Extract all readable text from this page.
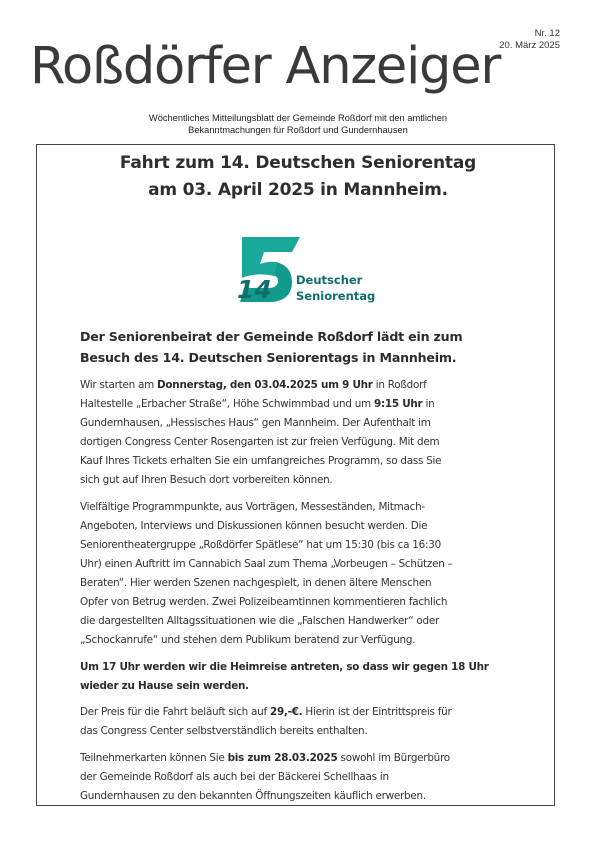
Nr. 12
20. März 2025
Roßdörfer Anzeiger
Wöchentliches Mitteilungsblatt der Gemeinde Roßdorf mit den amtlichen
Bekanntmachungen für Roßdorf und Gundernhausen
Fahrt zum 14. Deutschen Seniorentag
am 03. April 2025 in Mannheim.
14 Deutscher
Seniorentag
Der Seniorenbeirat der Gemeinde Roßdorf lädt ein zum
Besuch des 14. Deutschen Seniorentags in Mannheim.

Wir starten am Donnerstag, den 03.04.2025 um 9 Uhr in Roßdorf
Haltestelle „Erbacher Straße“, Höhe Schwimmbad und um 9:15 Uhr in
Gundernhausen, „Hessisches Haus“ gen Mannheim. Der Aufenthalt im
dortigen Congress Center Rosengarten ist zur freien Verfügung. Mit dem
Kauf Ihres Tickets erhalten Sie ein umfangreiches Programm, so dass Sie
sich gut auf Ihren Besuch dort vorbereiten können.

Vielfältige Programmpunkte, aus Vorträgen, Messeständen, Mitmach-
Angeboten, Interviews und Diskussionen können besucht werden. Die
Seniorentheatergruppe „Roßdörfer Spätlese“ hat um 15:30 (bis ca 16:30
Uhr) einen Auftritt im Cannabich Saal zum Thema „Vorbeugen – Schützen –
Beraten“. Hier werden Szenen nachgespielt, in denen ältere Menschen
Opfer von Betrug werden. Zwei Polizeibeamtinnen kommentieren fachlich
die dargestellten Alltagssituationen wie die „Falschen Handwerker“ oder
„Schockanrufe“ und stehen dem Publikum beratend zur Verfügung.

Um 17 Uhr werden wir die Heimreise antreten, so dass wir gegen 18 Uhr
wieder zu Hause sein werden.

Der Preis für die Fahrt beläuft sich auf 29,-€. Hierin ist der Eintrittspreis für
das Congress Center selbstverständlich bereits enthalten.

Teilnehmerkarten können Sie bis zum 28.03.2025 sowohl im Bürgerbüro
der Gemeinde Roßdorf als auch bei der Bäckerei Schellhaas in
Gundernhausen zu den bekannten Öffnungszeiten käuflich erwerben.
